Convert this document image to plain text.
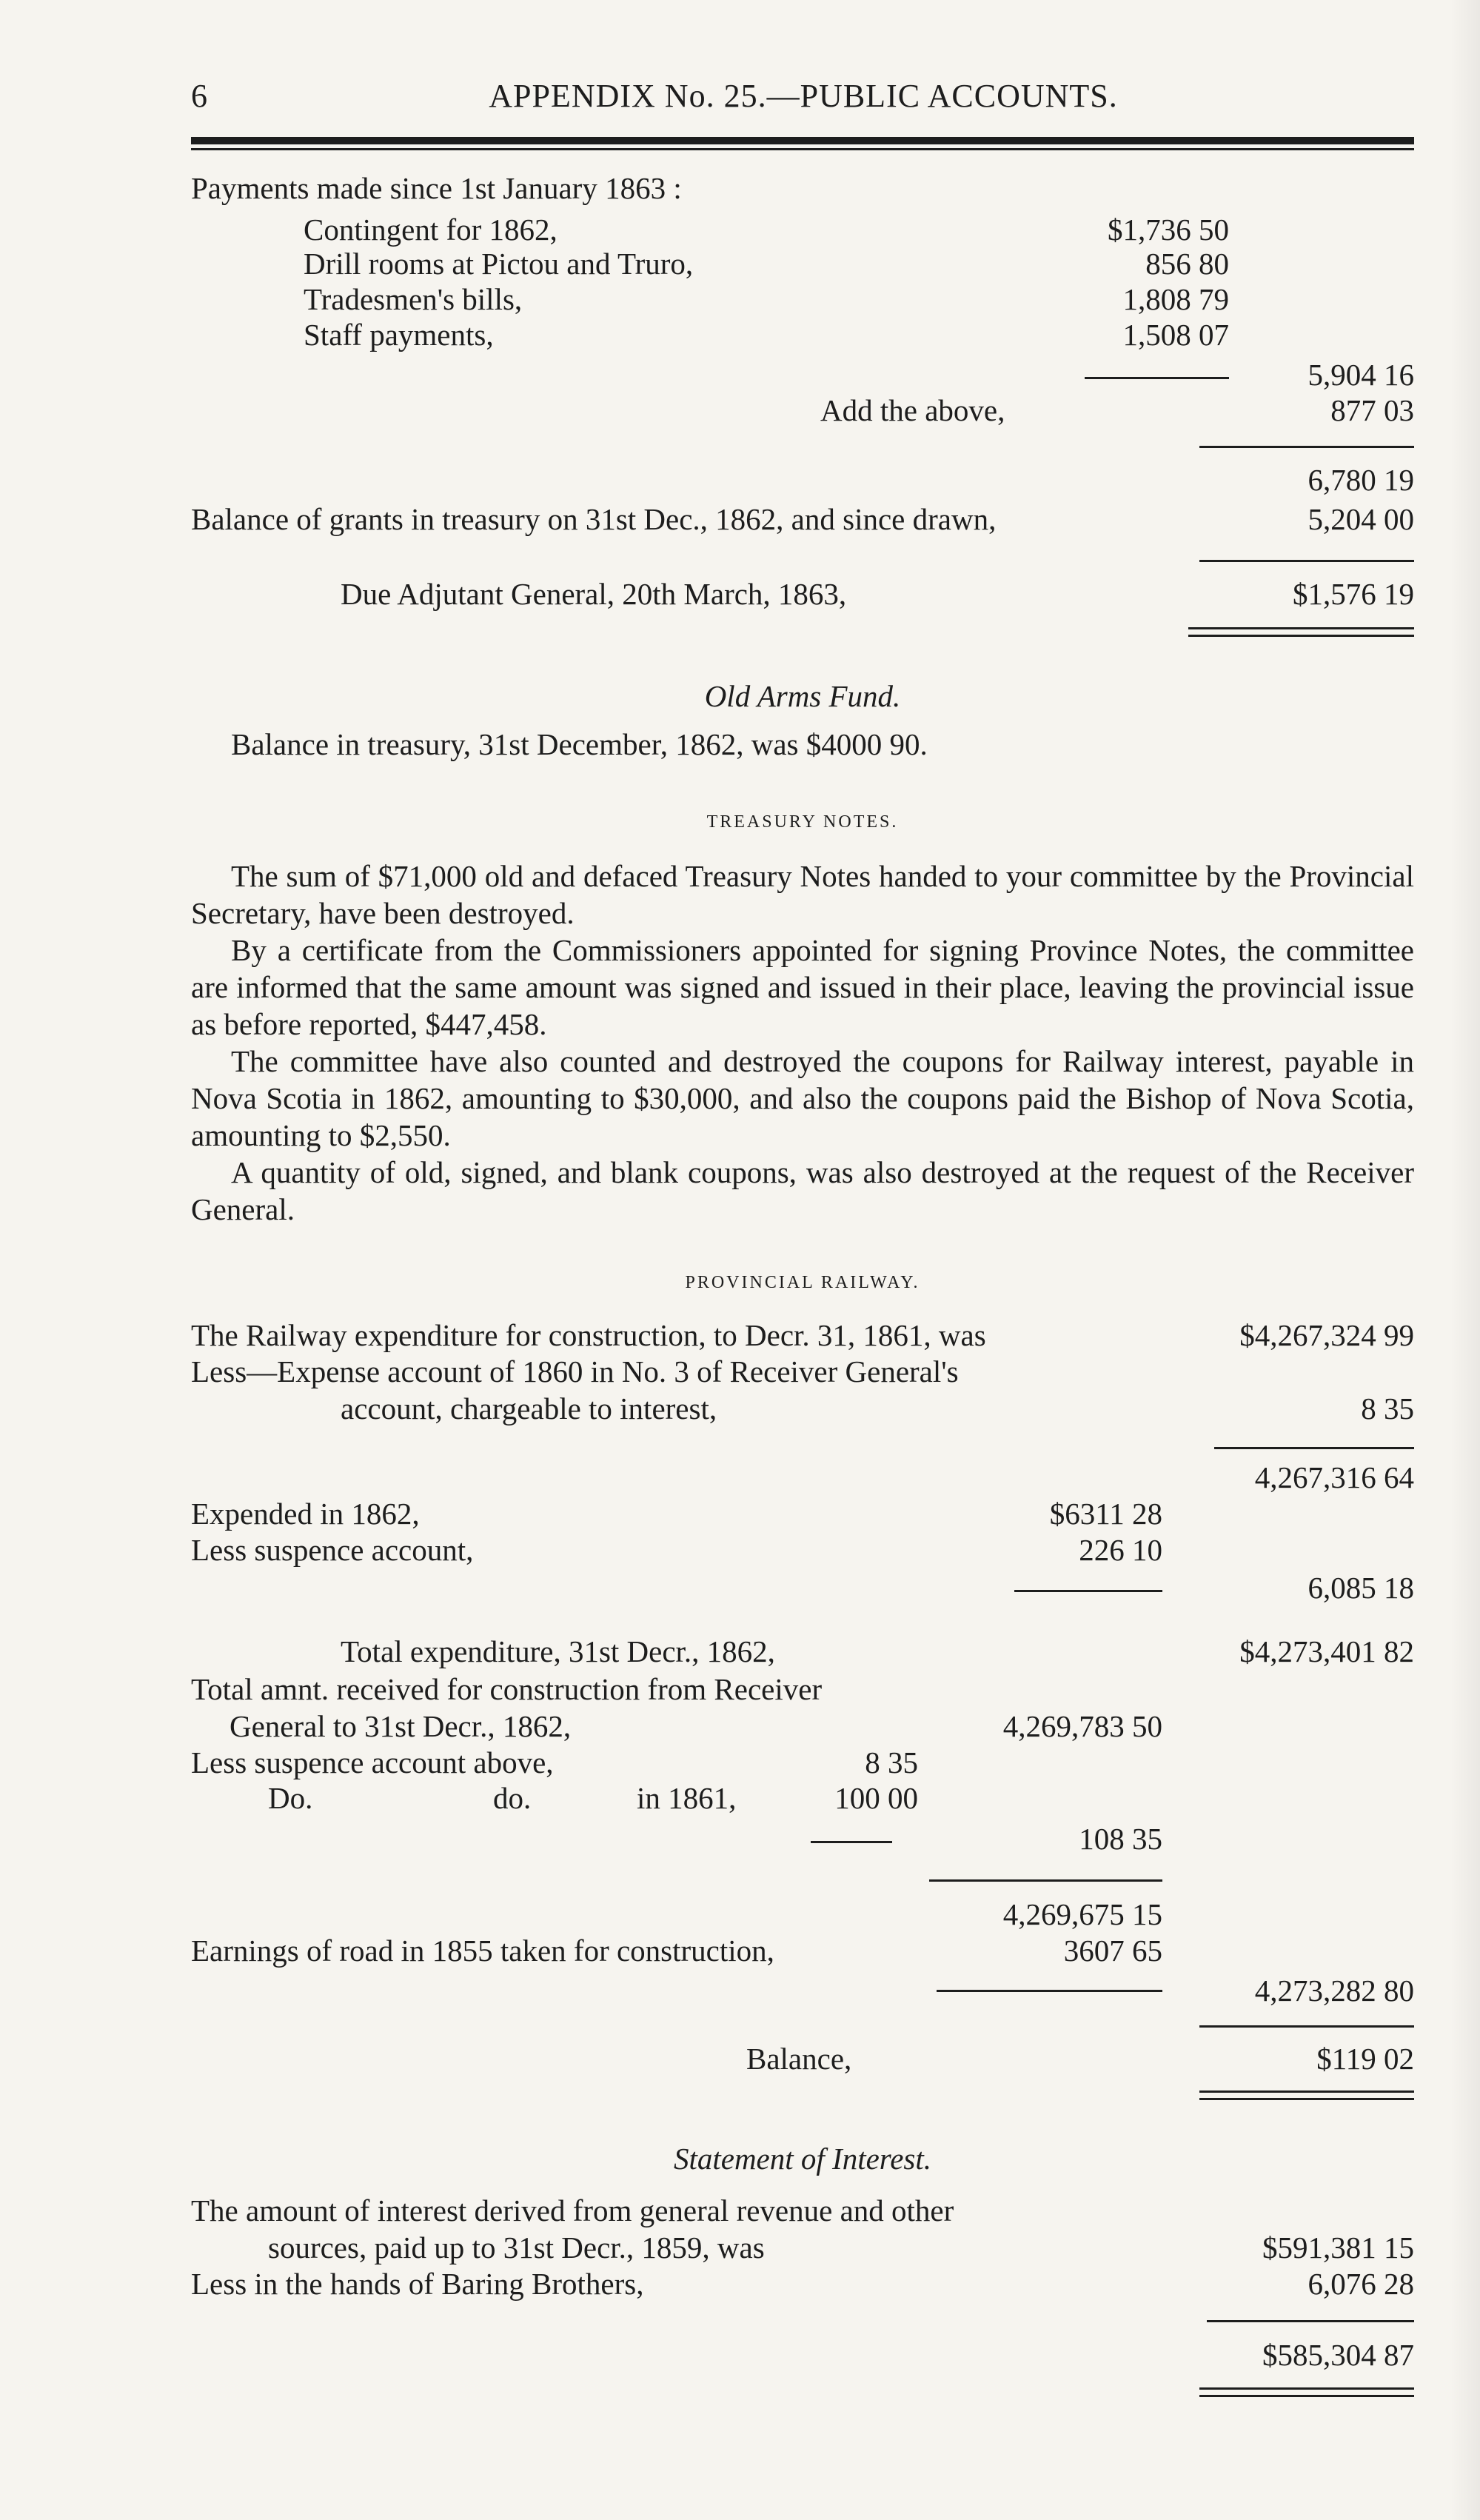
6	APPENDIX No. 25.—PUBLIC ACCOUNTS.
Payments made since 1st January 1863 :
Contingent for 1862,	$1,736 50
Drill rooms at Pictou and Truro,	856 80
Tradesmen's bills,	1,808 79
Staff payments,	1,508 07
5,904 16
Add the above,	877 03
6,780 19
Balance of grants in treasury on 31st Dec., 1862, and since drawn,	5,204 00
Due Adjutant General, 20th March, 1863,	$1,576 19
Old Arms Fund.
Balance in treasury, 31st December, 1862, was $4000 90.
TREASURY NOTES.

The sum of $71,000 old and defaced Treasury Notes handed to your committee by the Provincial Secretary, have been destroyed.

By a certificate from the Commissioners appointed for signing Province Notes, the committee are informed that the same amount was signed and issued in their place, leaving the provincial issue as before reported, $447,458.

The committee have also counted and destroyed the coupons for Railway interest, payable in Nova Scotia in 1862, amounting to $30,000, and also the coupons paid the Bishop of Nova Scotia, amounting to $2,550.

A quantity of old, signed, and blank coupons, was also destroyed at the request of the Receiver General.

PROVINCIAL RAILWAY.
The Railway expenditure for construction, to Decr. 31, 1861, was	$4,267,324 99
Less—Expense account of 1860 in No. 3 of Receiver General's
account, chargeable to interest,	8 35
4,267,316 64
Expended in 1862,	$6311 28
Less suspence account,	226 10
6,085 18
Total expenditure, 31st Decr., 1862,	$4,273,401 82
Total amnt. received for construction from Receiver
General to 31st Decr., 1862,	4,269,783 50
Less suspence account above,	8 35
Do.	do.	in 1861,	100 00
108 35
4,269,675 15
Earnings of road in 1855 taken for construction,	3607 65
4,273,282 80
Balance,	$119 02
Statement of Interest.
The amount of interest derived from general revenue and other
sources, paid up to 31st Decr., 1859, was	$591,381 15
Less in the hands of Baring Brothers,	6,076 28
$585,304 87
